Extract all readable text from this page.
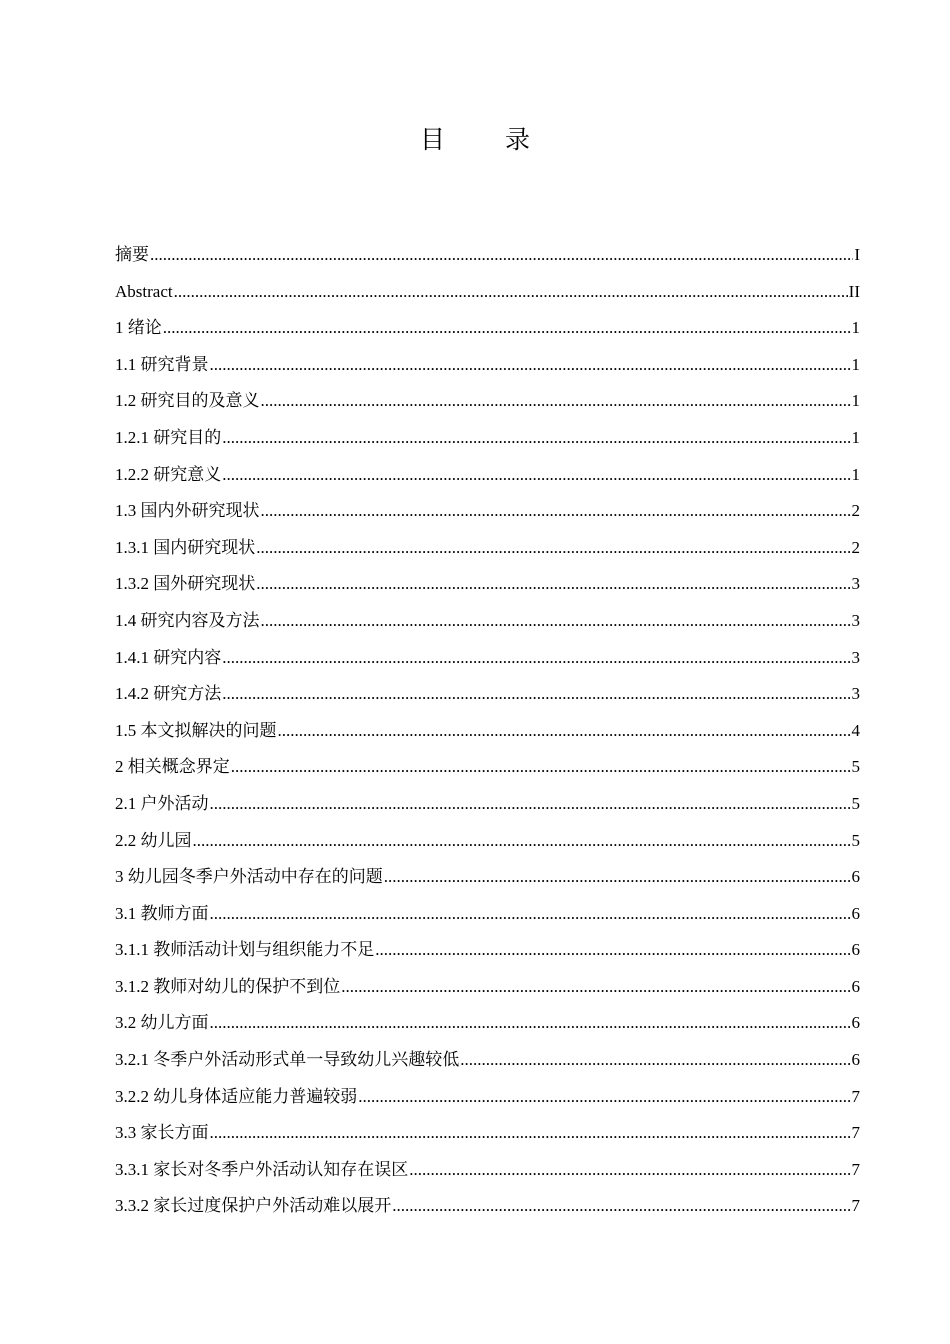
目 录
摘要 .....	I
Abstract .....	II
1 绪论 .....	1
1.1 研究背景 .....	1
1.2 研究目的及意义 .....	1
1.2.1 研究目的 .....	1
1.2.2 研究意义 .....	1
1.3 国内外研究现状 .....	2
1.3.1 国内研究现状 .....	2
1.3.2 国外研究现状 .....	3
1.4 研究内容及方法 .....	3
1.4.1 研究内容 .....	3
1.4.2 研究方法 .....	3
1.5 本文拟解决的问题 .....	4
2 相关概念界定 .....	5
2.1 户外活动 .....	5
2.2 幼儿园 .....	5
3 幼儿园冬季户外活动中存在的问题 .....	6
3.1 教师方面 .....	6
3.1.1 教师活动计划与组织能力不足 .....	6
3.1.2 教师对幼儿的保护不到位 .....	6
3.2 幼儿方面 .....	6
3.2.1 冬季户外活动形式单一导致幼儿兴趣较低 .....	6
3.2.2 幼儿身体适应能力普遍较弱 .....	7
3.3 家长方面 .....	7
3.3.1 家长对冬季户外活动认知存在误区 .....	7
3.3.2 家长过度保护户外活动难以展开 .....	7
